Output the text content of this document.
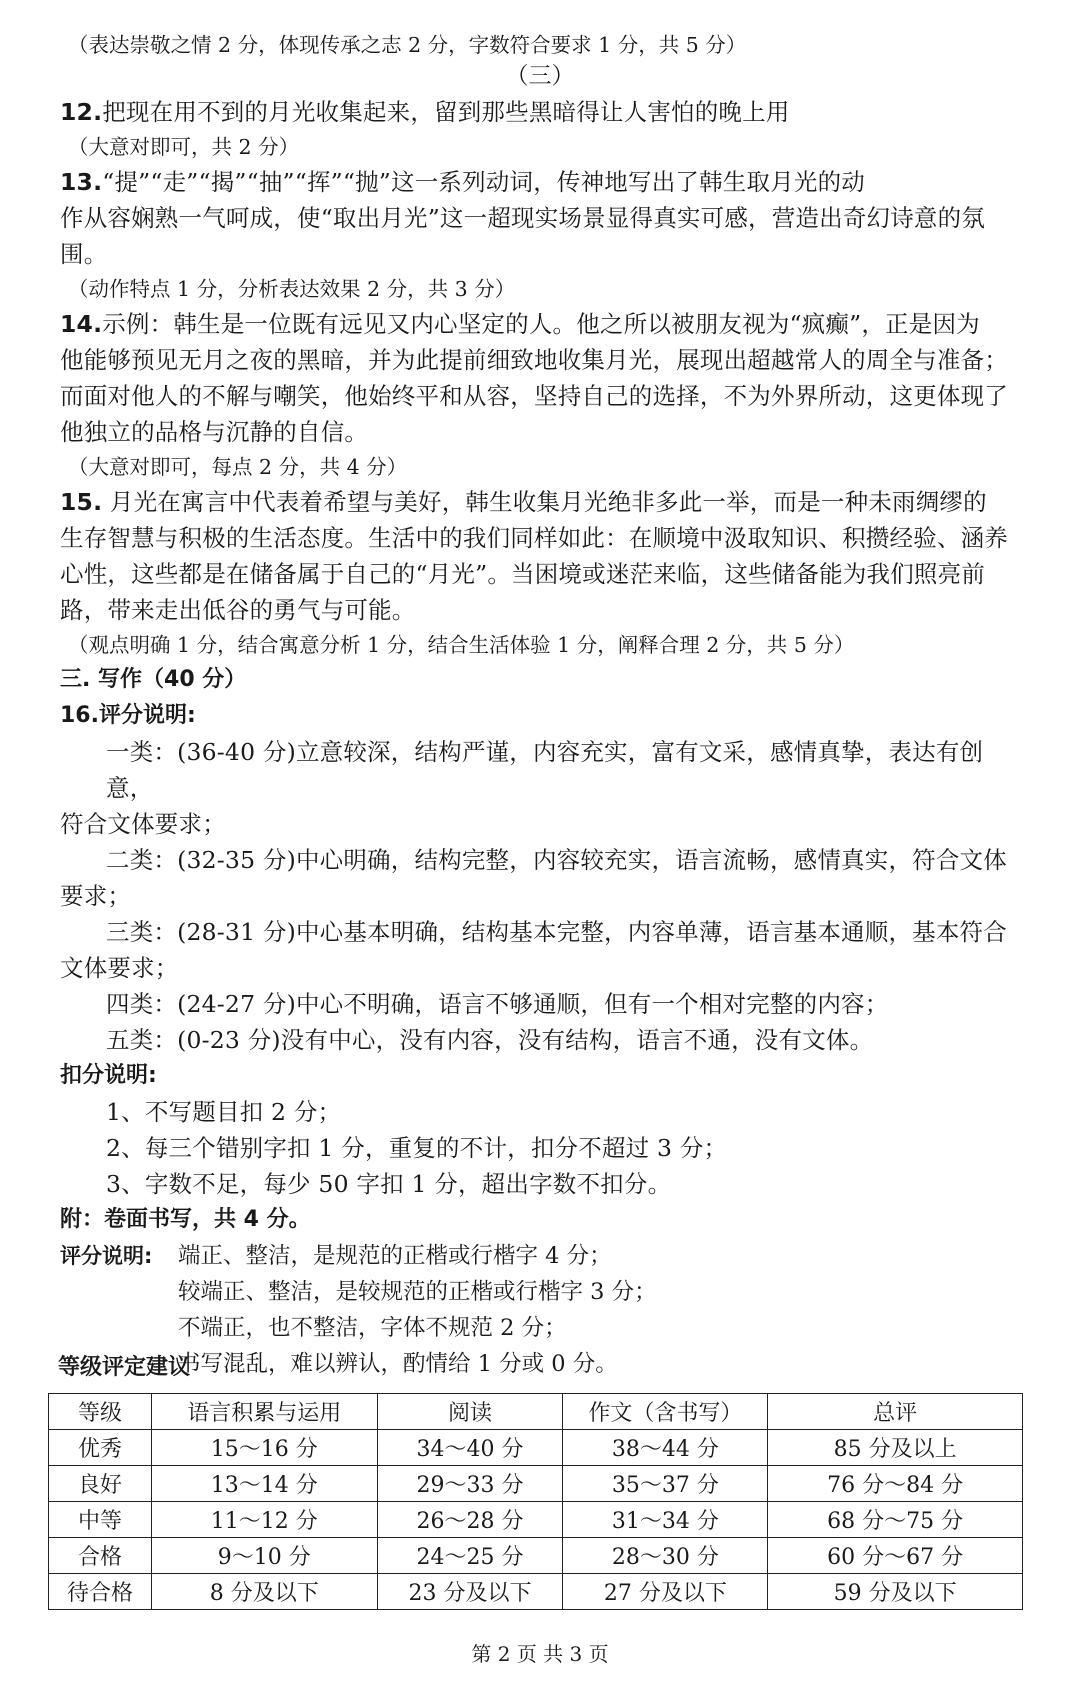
（表达崇敬之情 2 分，体现传承之志 2 分，字数符合要求 1 分，共 5 分）
（三）
12.把现在用不到的月光收集起来，留到那些黑暗得让人害怕的晚上用
（大意对即可，共 2 分）
13.“提”“走”“揭”“抽”“挥”“抛”这一系列动词，传神地写出了韩生取月光的动
作从容娴熟一气呵成，使“取出月光”这一超现实场景显得真实可感，营造出奇幻诗意的氛
围。
（动作特点 1 分，分析表达效果 2 分，共 3 分）
14.示例：韩生是一位既有远见又内心坚定的人。他之所以被朋友视为“疯癫”，正是因为
他能够预见无月之夜的黑暗，并为此提前细致地收集月光，展现出超越常人的周全与准备；
而面对他人的不解与嘲笑，他始终平和从容，坚持自己的选择，不为外界所动，这更体现了
他独立的品格与沉静的自信。
（大意对即可，每点 2 分，共 4 分）
15. 月光在寓言中代表着希望与美好，韩生收集月光绝非多此一举，而是一种未雨绸缪的
生存智慧与积极的生活态度。生活中的我们同样如此：在顺境中汲取知识、积攒经验、涵养
心性，这些都是在储备属于自己的“月光”。当困境或迷茫来临，这些储备能为我们照亮前
路，带来走出低谷的勇气与可能。
（观点明确 1 分，结合寓意分析 1 分，结合生活体验 1 分，阐释合理 2 分，共 5 分）
三. 写作（40 分）
16.评分说明:
一类：(36-40 分)立意较深，结构严谨，内容充实，富有文采，感情真挚，表达有创意，
符合文体要求；
二类：(32-35 分)中心明确，结构完整，内容较充实，语言流畅，感情真实，符合文体
要求；
三类：(28-31 分)中心基本明确，结构基本完整，内容单薄，语言基本通顺，基本符合
文体要求；
四类：(24-27 分)中心不明确，语言不够通顺，但有一个相对完整的内容；
五类：(0-23 分)没有中心，没有内容，没有结构，语言不通，没有文体。
扣分说明:
1、不写题目扣 2 分；
2、每三个错别字扣 1 分，重复的不计，扣分不超过 3 分；
3、字数不足，每少 50 字扣 1 分，超出字数不扣分。
附：卷面书写，共 4 分。
评分说明:	端正、整洁，是规范的正楷或行楷字 4 分；
较端正、整洁，是较规范的正楷或行楷字 3 分；
不端正，也不整洁，字体不规范 2 分；
书写混乱，难以辨认，酌情给 1 分或 0 分。
等级评定建议
等级	语言积累与运用	阅读	作文（含书写）	总评
优秀	15～16 分	34～40 分	38～44 分	85 分及以上
良好	13～14 分	29～33 分	35～37 分	76 分～84 分
中等	11～12 分	26～28 分	31～34 分	68 分～75 分
合格	9～10 分	24～25 分	28～30 分	60 分～67 分
待合格	8 分及以下	23 分及以下	27 分及以下	59 分及以下
第 2 页 共 3 页
